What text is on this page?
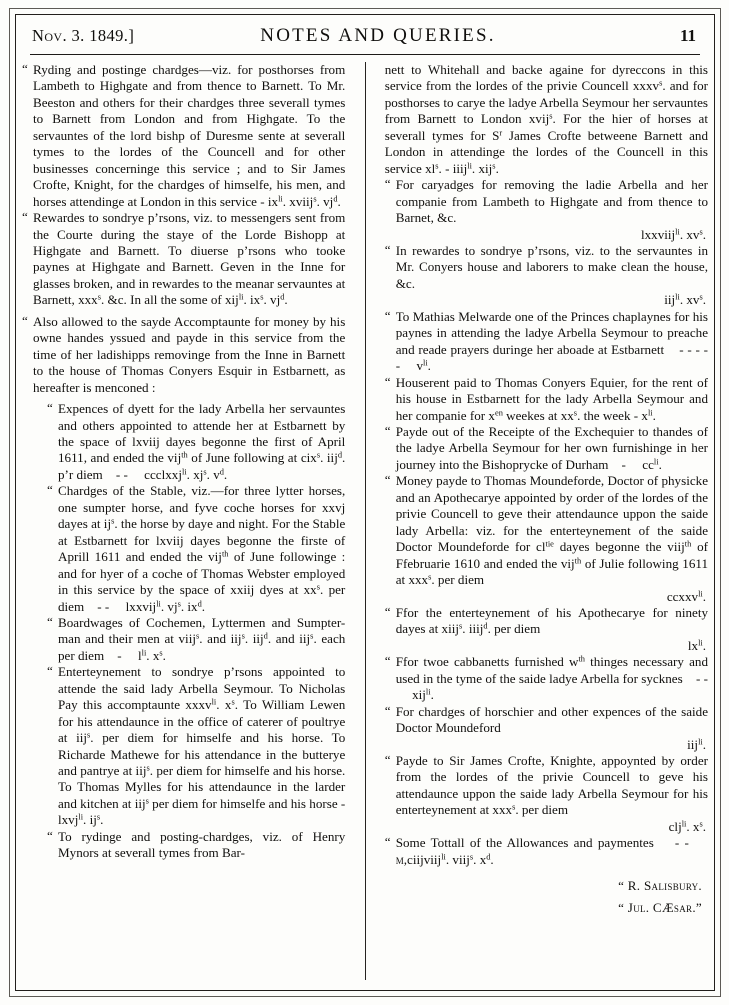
Nov. 3. 1849.]	NOTES AND QUERIES.	11
“ Ryding and postinge chardges—viz. for posthorses from Lambeth to Highgate and from thence to Barnett. To Mr. Beeston and others for their chardges three severall tymes to Barnett from London and from Highgate. To the servauntes of the lord bishp of Duresme sente at severall tymes to the lordes of the Councell and for other businesses concerninge this service ; and to Sir James Crofte, Knight, for the chardges of himselfe, his men, and horses attendinge at London in this service - $ix^{li}$. xviij$^s$. $vj^d$.

“ Rewardes to sondrye p’rsons, viz. to messengers sent from the Courte during the staye of the Lorde Bishopp at Highgate and Barnett. To diuerse p’rsons who tooke paynes at Highgate and Barnett. Geven in the Inne for glasses broken, and in rewardes to the meanar servauntes at Barnett, xxx$^s$. &c. In all the some of xij$^{li}$. $ix^s$. $vj^d$.

“ Also allowed to the sayde Accomptaunte for money by his owne handes yssued and payde in this service from the time of her ladishipps removinge from the Inne in Barnett to the house of Thomas Conyers Esquir in Estbarnett, as hereafter is menconed :

“ Expences of dyett for the lady Arbella her servauntes and others appointed to attende her at Estbarnett by the space of lxviij dayes begonne the first of April 1611, and ended the vij$^{th}$ of June following at cix$^s$. iij$^d$. p’r diem    - -     ccclxxj$^{li}$. $xj^s$. $v^d$.

“ Chardges of the Stable, viz.—for three lytter horses, one sumpter horse, and fyve coche horses for xxvj dayes at $ij^s$. the horse by daye and night. For the Stable at Estbarnett for lxviij dayes begonne the firste of Aprill 1611 and ended the vij$^{th}$ of June followinge : and for hyer of a coche of Thomas Webster employed in this service by the space of xxiij dyes at $xx^s$. per diem    - -     lxxvij$^{li}$. $vj^s$. $ix^d$.

“ Boardwages of Cochemen, Lyttermen and Sumpter-man and their men at viij$^s$. and iij$^s$. iij$^d$. and iij$^s$. each per diem    -     $l^{li}$. $x^s$.

“ Enterteynement to sondrye p’rsons appointed to attende the said lady Arbella Seymour. To Nicholas Pay this accomptaunte xxxv$^{li}$. $x^s$. To William Lewen for his attendaunce in the office of caterer of poultrye at iij$^s$. per diem for himselfe and his horse. To Richarde Mathewe for his attendance in the butterye and pantrye at iij$^s$. per diem for himselfe and his horse. To Thomas Mylles for his attendaunce in the larder and kitchen at iij$^s$ per diem for himselfe and his horse - lxvj$^{li}$. $ij^s$.

“ To rydinge and posting-chardges, viz. of Henry Mynors at severall tymes from Bar-

nett to Whitehall and backe againe for dyreccons in this service from the lordes of the privie Councell xxxv$^s$. and for posthorses to carye the ladye Arbella Seymour her servauntes from Barnett to London xvij$^s$. For the hier of horses at severall tymes for $S^r$ James Crofte betweene Barnett and London in attendinge the lordes of the Councell in this service $xl^s$. - iiij$^{li}$. xij$^s$.

“ For caryadges for removing the ladie Arbella and her companie from Lambeth to Highgate and from thence to Barnet, &c.

lxxviij$^{li}$. $xv^s$.
“ In rewardes to sondrye p’rsons, viz. to the servauntes in Mr. Conyers house and laborers to make clean the house, &c.

iij$^{li}$. $xv^s$.
“ To Mathias Melwarde one of the Princes chaplaynes for his paynes in attending the ladye Arbella Seymour to preache and reade prayers duringe her aboade at Estbarnett    - - - - -     $v^{li}$.

“ Houserent paid to Thomas Conyers Equier, for the rent of his house in Estbarnett for the lady Arbella Seymour and her companie for $x^{en}$ weekes at $xx^s$. the week - $x^{li}$.

“ Payde out of the Receipte of the Exchequier to thandes of the ladye Arbella Seymour for her own furnishinge in her journey into the Bishoprycke of Durham    -     $cc^{li}$.

“ Money payde to Thomas Moundeforde, Doctor of physicke and an Apothecarye appointed by order of the lordes of the privie Councell to geve their attendaunce uppon the saide lady Arbella: viz. for the enterteynement of the saide Doctor Moundeforde for $cl^{tie}$ dayes begonne the viij$^{th}$ of Ffebruarie 1610 and ended the vij$^{th}$ of Julie following 1611 at xxx$^s$. per diem

ccxxv$^{li}$.
“ Ffor the enterteynement of his Apothecarye for ninety dayes at xiij$^s$. iiij$^d$. per diem

$lx^{li}$.
“ Ffor twoe cabbanetts furnished $w^{th}$ thinges necessary and used in the tyme of the saide ladye Arbella for sycknes    - -     xij$^{li}$.

“ For chardges of horschier and other expences of the saide Doctor Moundeford

iij$^{li}$.
“ Payde to Sir James Crofte, Knighte, appoynted by order from the lordes of the privie Councell to geve his attendaunce uppon the saide lady Arbella Seymour for his enterteynement at xxx$^s$. per diem

clj$^{li}$. $x^s$.
“ Some Tottall of the Allowances and paymentes    - -     m,ciijviij$^{li}$. viij$^s$. $x^d$.

“ R. Salisbury.
“ Jul. CÆsar.”
